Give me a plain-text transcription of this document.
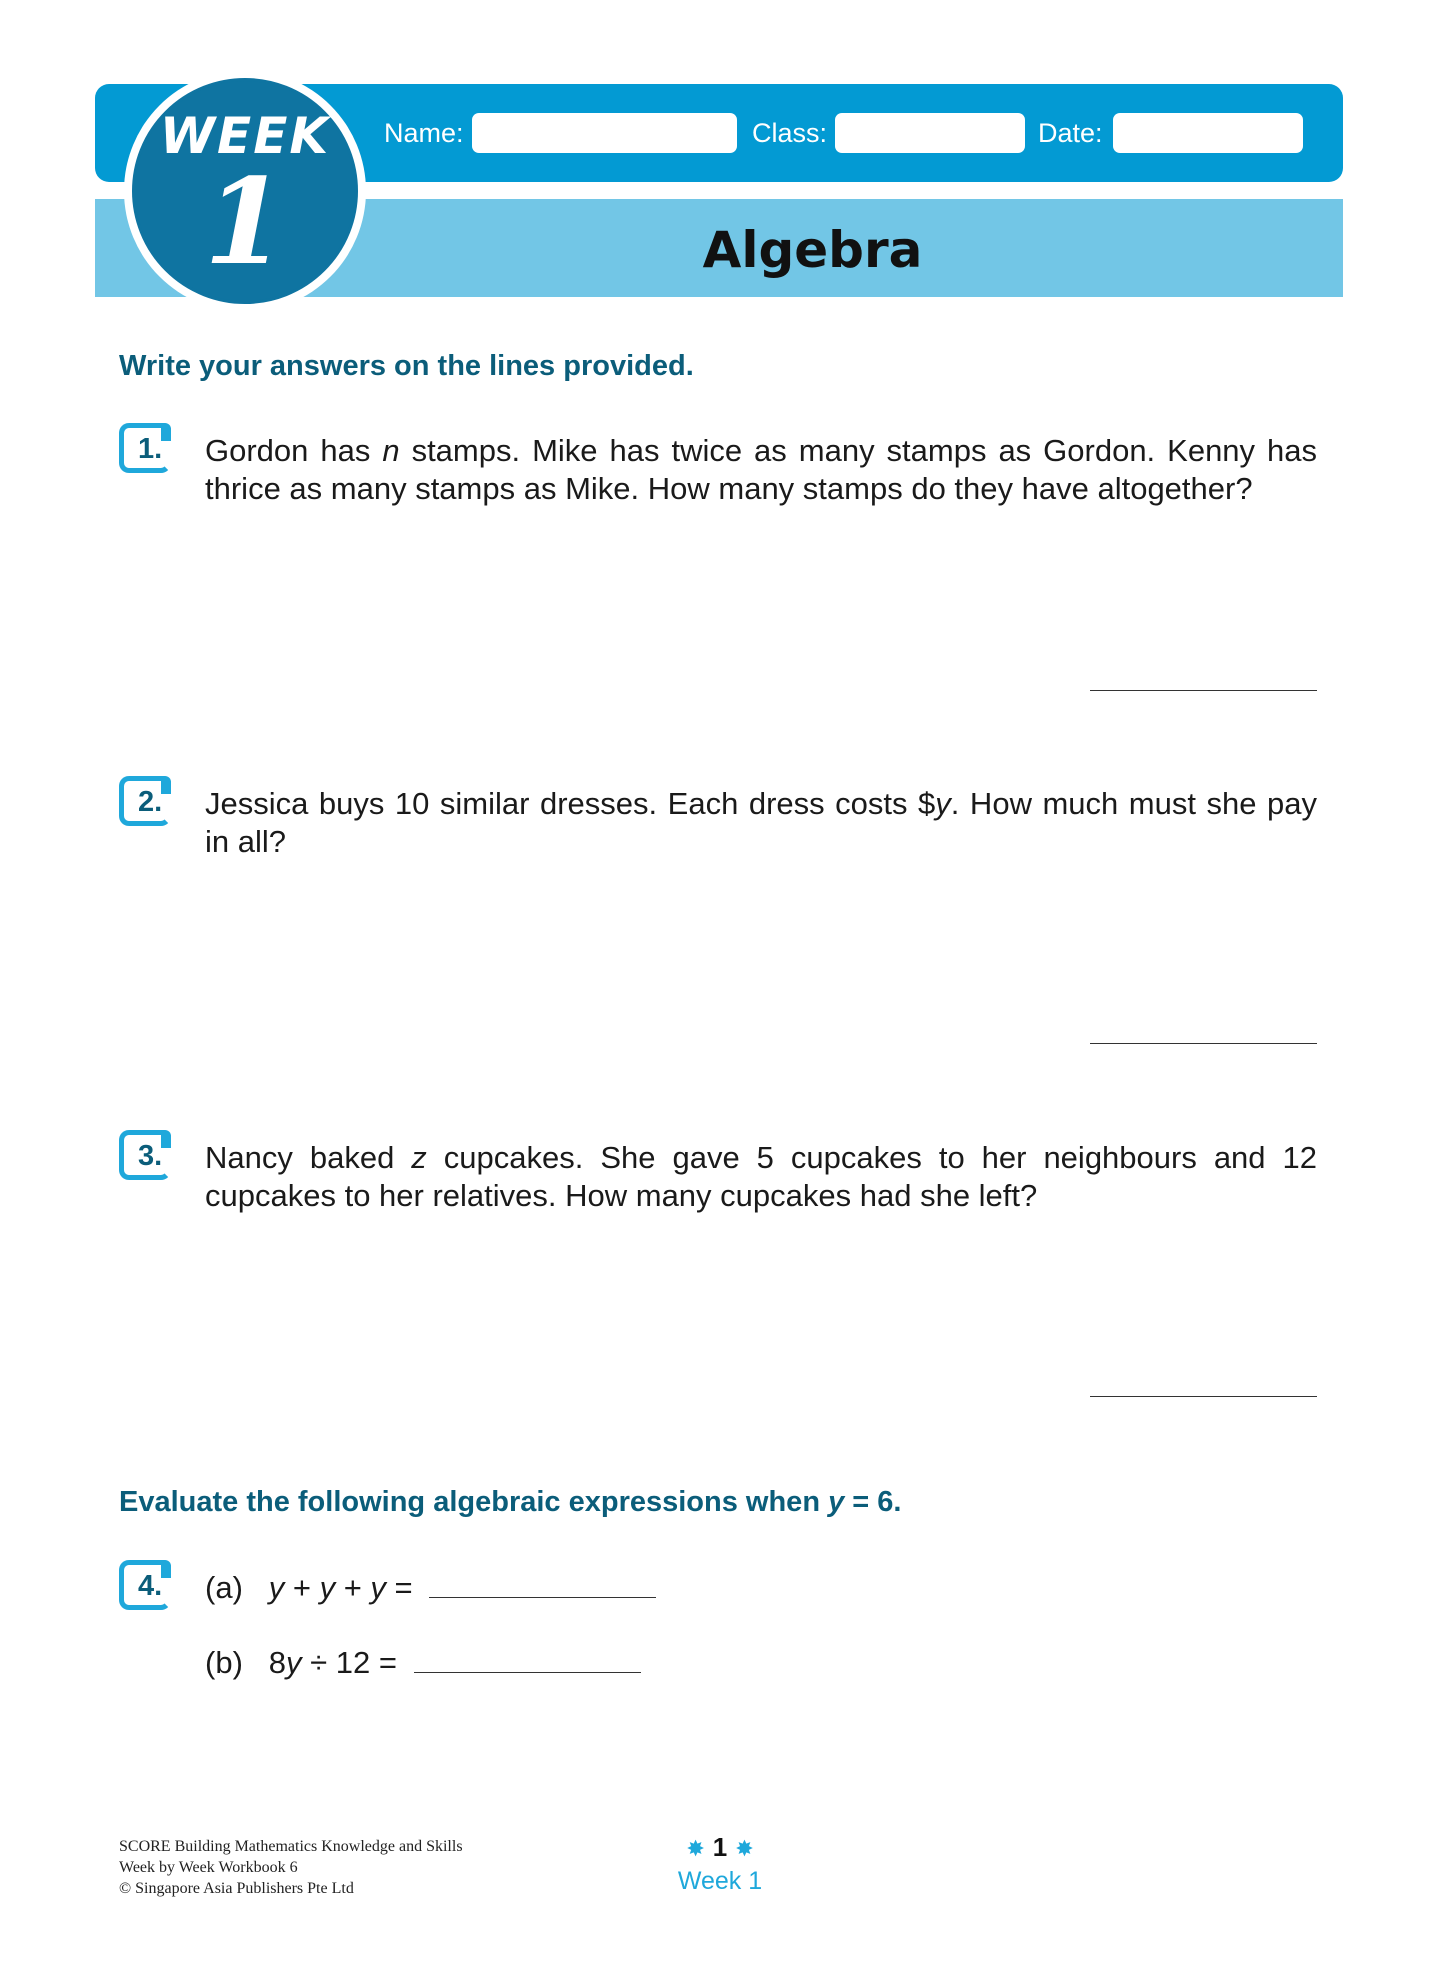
Algebra
WEEK
1
Name:	Class:	Date:
Write your answers on the lines provided.
1. Gordon has n stamps. Mike has twice as many stamps as Gordon. Kenny has thrice as many stamps as Mike. How many stamps do they have altogether?
2. Jessica buys 10 similar dresses. Each dress costs $y. How much must she pay in all?
3. Nancy baked z cupcakes. She gave 5 cupcakes to her neighbours and 12 cupcakes to her relatives. How many cupcakes had she left?
Evaluate the following algebraic expressions when y = 6.
4. (a) y + y + y =
(b) 8y ÷ 12 =
SCORE Building Mathematics Knowledge and Skills
Week by Week Workbook 6
© Singapore Asia Publishers Pte Ltd
✸ 1 ✸
Week 1
